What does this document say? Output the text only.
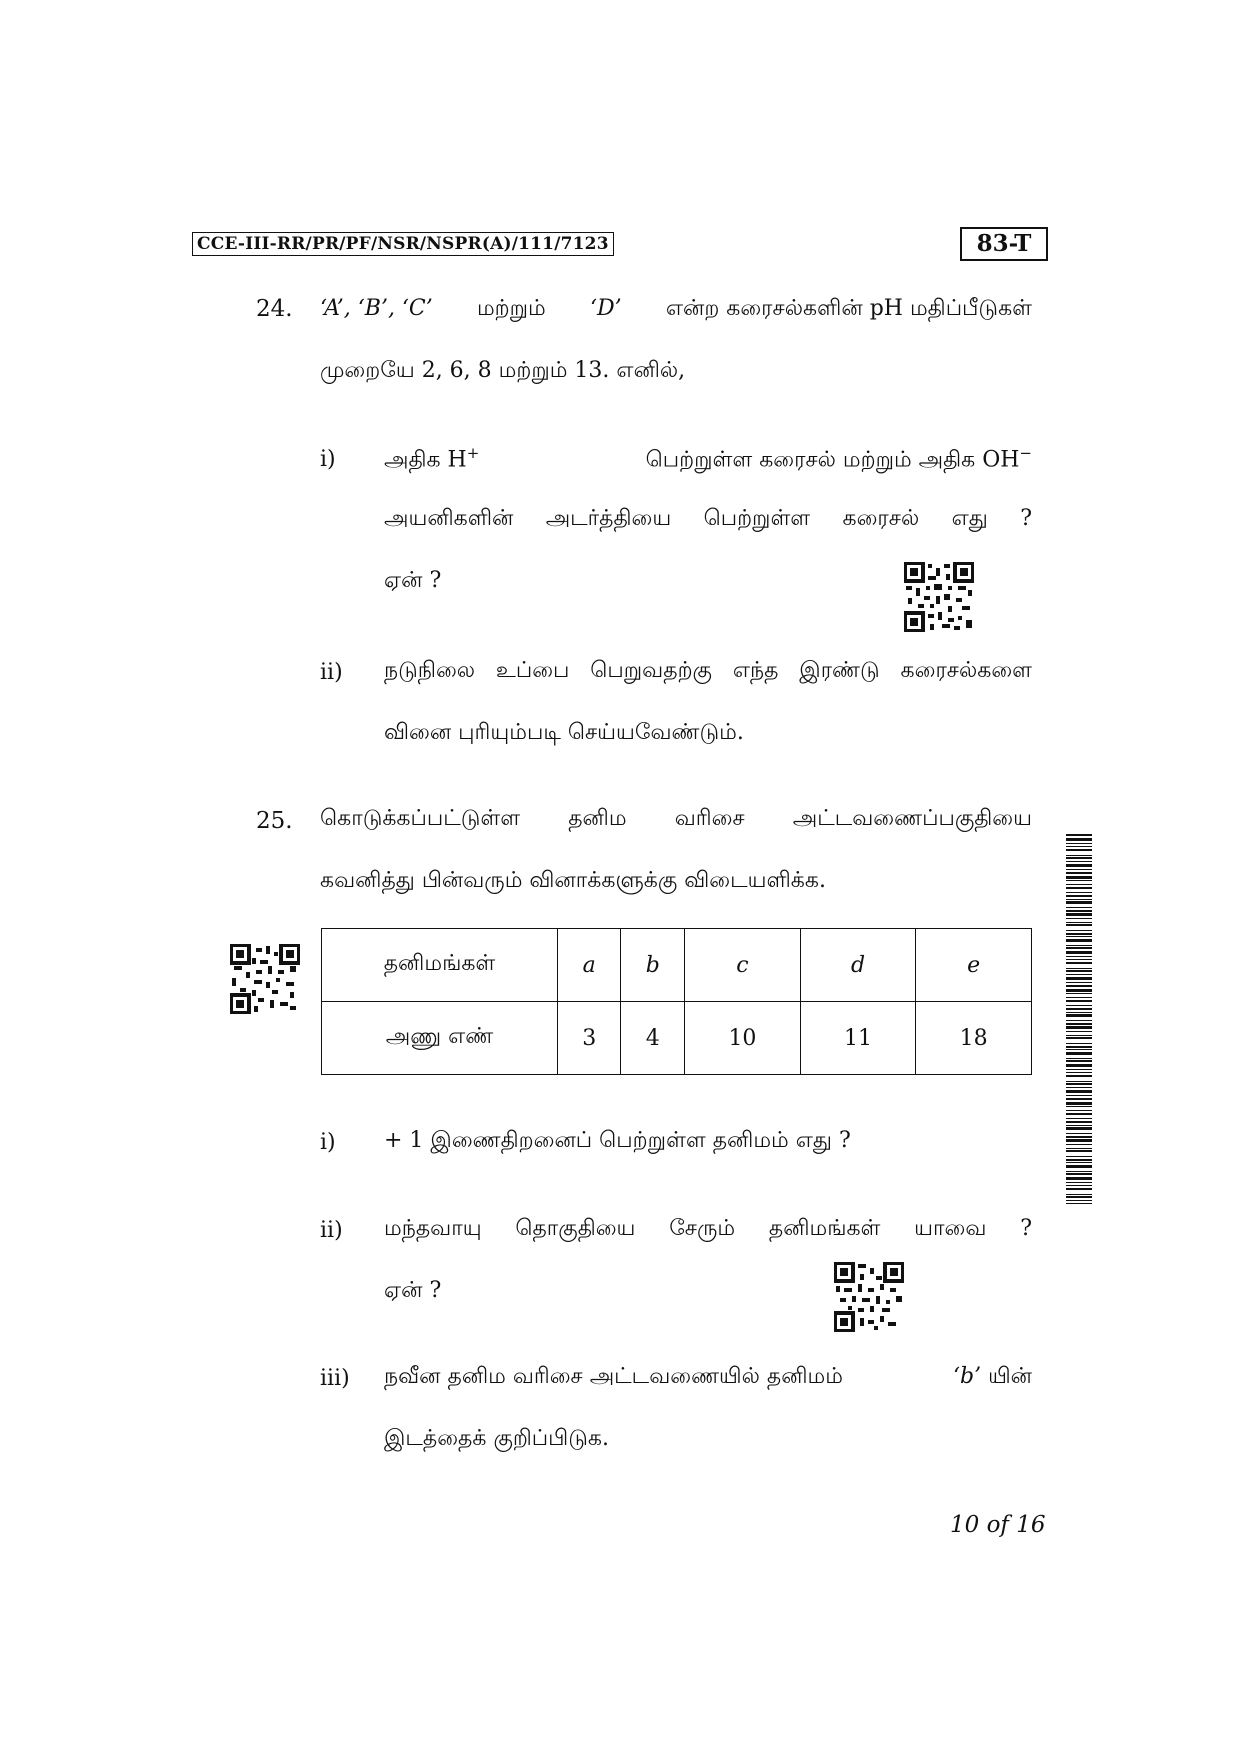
CCE-III-RR/PR/PF/NSR/NSPR(A)/111/7123	83-T
24. ‘A’, ‘B’, ‘C’ மற்றும் ‘D’ என்ற கரைசல்களின் pH மதிப்பீடுகள்
முறையே 2, 6, 8 மற்றும் 13. எனில்,
i) அதிக H+	பெற்றுள்ள கரைசல் மற்றும் அதிக OH−
அயனிகளின் அடர்த்தியை பெற்றுள்ள கரைசல் எது ?
ஏன் ?
ii) நடுநிலை உப்பை பெறுவதற்கு எந்த இரண்டு கரைசல்களை
வினை புரியும்படி செய்யவேண்டும்.
25. கொடுக்கப்பட்டுள்ள தனிம வரிசை அட்டவணைப்பகுதியை
கவனித்து பின்வரும் வினாக்களுக்கு விடையளிக்க.
தனிமங்கள்	a	b	c	d	e
அணு எண்	3	4	10	11	18
i) + 1 இணைதிறனைப் பெற்றுள்ள தனிமம் எது ?
ii) மந்தவாயு தொகுதியை சேரும் தனிமங்கள் யாவை ?
ஏன் ?
iii) நவீன தனிம வரிசை அட்டவணையில் தனிமம்	‘b’ யின்
இடத்தைக் குறிப்பிடுக.
10 of 16
